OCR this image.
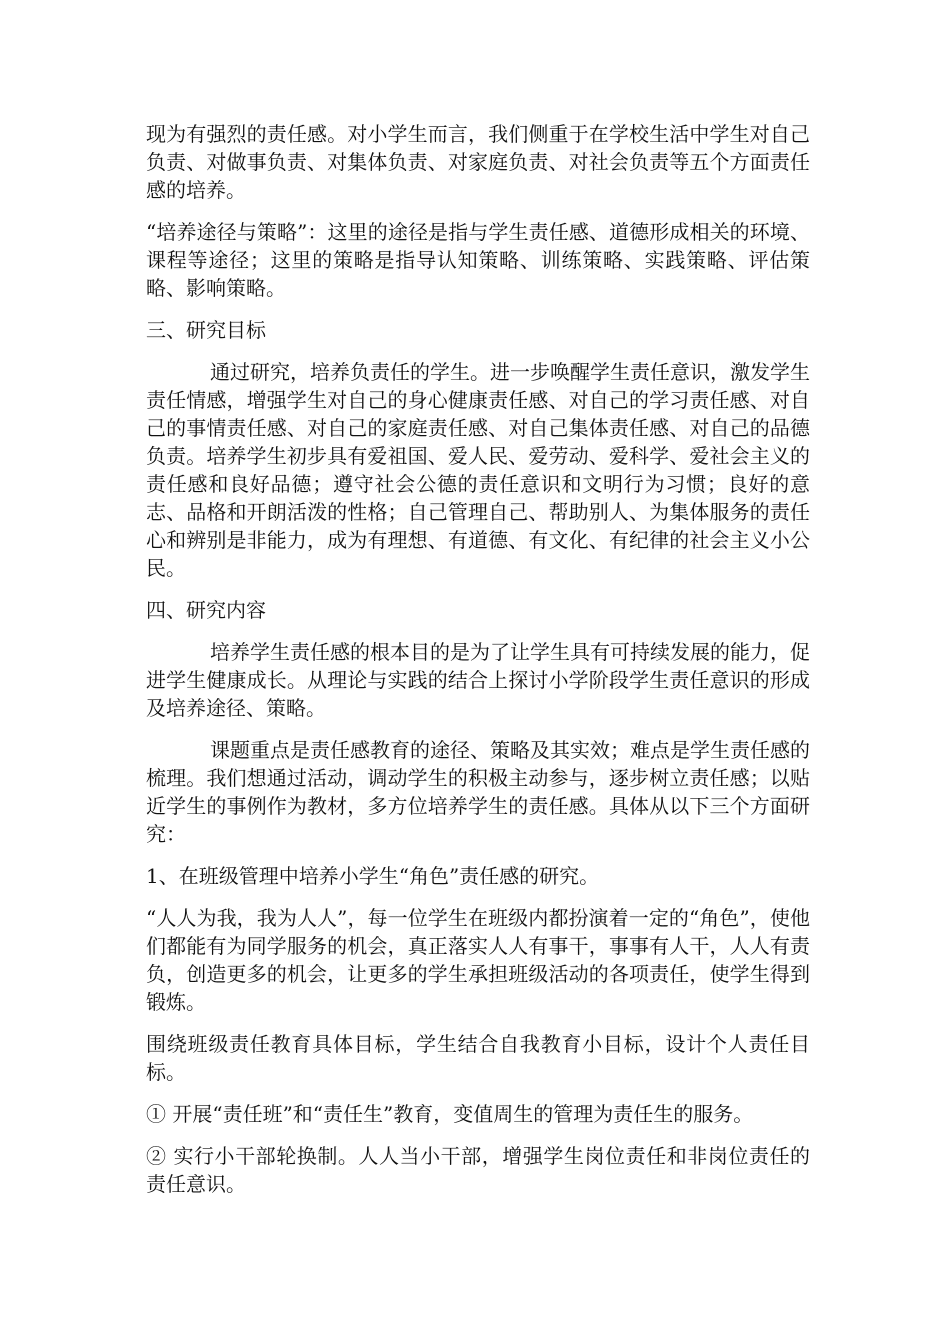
现为有强烈的责任感。对小学生而言，我们侧重于在学校生活中学生对自己负责、对做事负责、对集体负责、对家庭负责、对社会负责等五个方面责任感的培养。

“培养途径与策略”：这里的途径是指与学生责任感、道德形成相关的环境、课程等途径；这里的策略是指导认知策略、训练策略、实践策略、评估策略、影响策略。

三、研究目标

通过研究，培养负责任的学生。进一步唤醒学生责任意识，激发学生责任情感，增强学生对自己的身心健康责任感、对自己的学习责任感、对自己的事情责任感、对自己的家庭责任感、对自己集体责任感、对自己的品德负责。培养学生初步具有爱祖国、爱人民、爱劳动、爱科学、爱社会主义的责任感和良好品德；遵守社会公德的责任意识和文明行为习惯；良好的意志、品格和开朗活泼的性格；自己管理自己、帮助别人、为集体服务的责任心和辨别是非能力，成为有理想、有道德、有文化、有纪律的社会主义小公民。

四、研究内容

培养学生责任感的根本目的是为了让学生具有可持续发展的能力，促进学生健康成长。从理论与实践的结合上探讨小学阶段学生责任意识的形成及培养途径、策略。

课题重点是责任感教育的途径、策略及其实效；难点是学生责任感的梳理。我们想通过活动，调动学生的积极主动参与，逐步树立责任感；以贴近学生的事例作为教材，多方位培养学生的责任感。具体从以下三个方面研究：

1、在班级管理中培养小学生“角色”责任感的研究。

“人人为我，我为人人”，每一位学生在班级内都扮演着一定的“角色”，使他们都能有为同学服务的机会，真正落实人人有事干，事事有人干，人人有责负，创造更多的机会，让更多的学生承担班级活动的各项责任，使学生得到锻炼。

围绕班级责任教育具体目标，学生结合自我教育小目标，设计个人责任目标。

① 开展“责任班”和“责任生”教育，变值周生的管理为责任生的服务。

② 实行小干部轮换制。人人当小干部，增强学生岗位责任和非岗位责任的责任意识。
